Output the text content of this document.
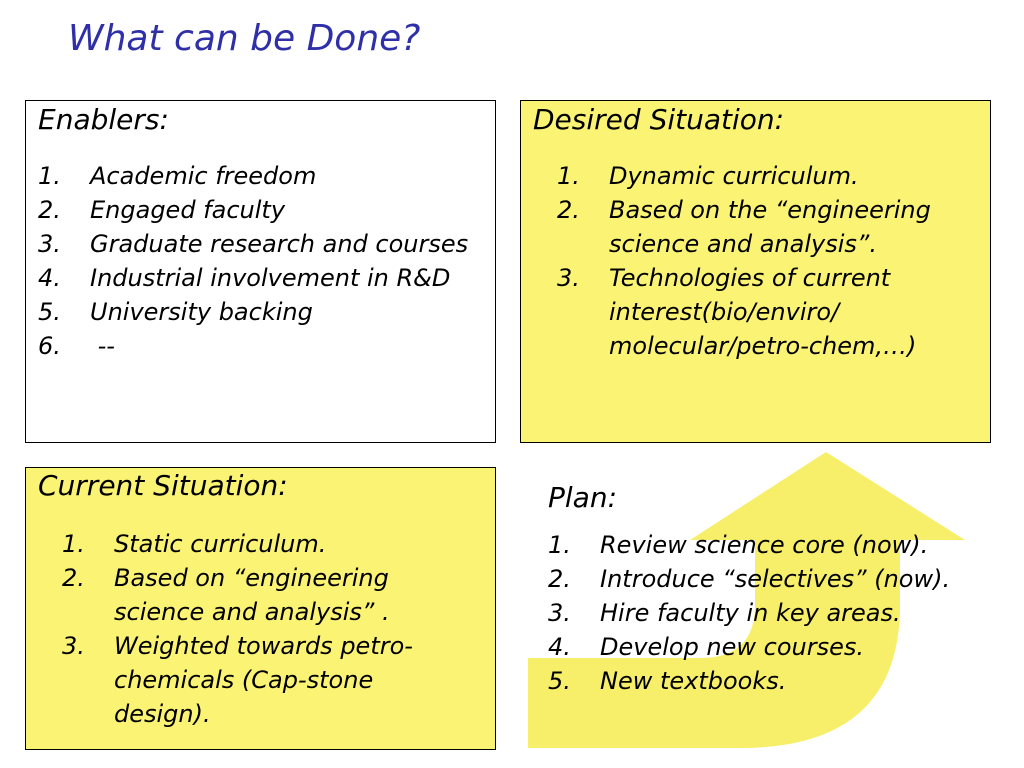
What can be Done?
Enablers:
1. Academic freedom
2. Engaged faculty
3. Graduate research and courses
4. Industrial involvement in R&D
5. University backing
6. --
Desired Situation:
1. Dynamic curriculum.
2. Based on the “engineering science and analysis”.
3. Technologies of current interest(bio/enviro/ molecular/petro-chem,…)
Current Situation:
1. Static curriculum.
2. Based on “engineering science and analysis” .
3. Weighted towards petro-chemicals (Cap-stone design).
Plan:
1. Review science core (now).
2. Introduce “selectives” (now).
3. Hire faculty in key areas.
4. Develop new courses.
5. New textbooks.
